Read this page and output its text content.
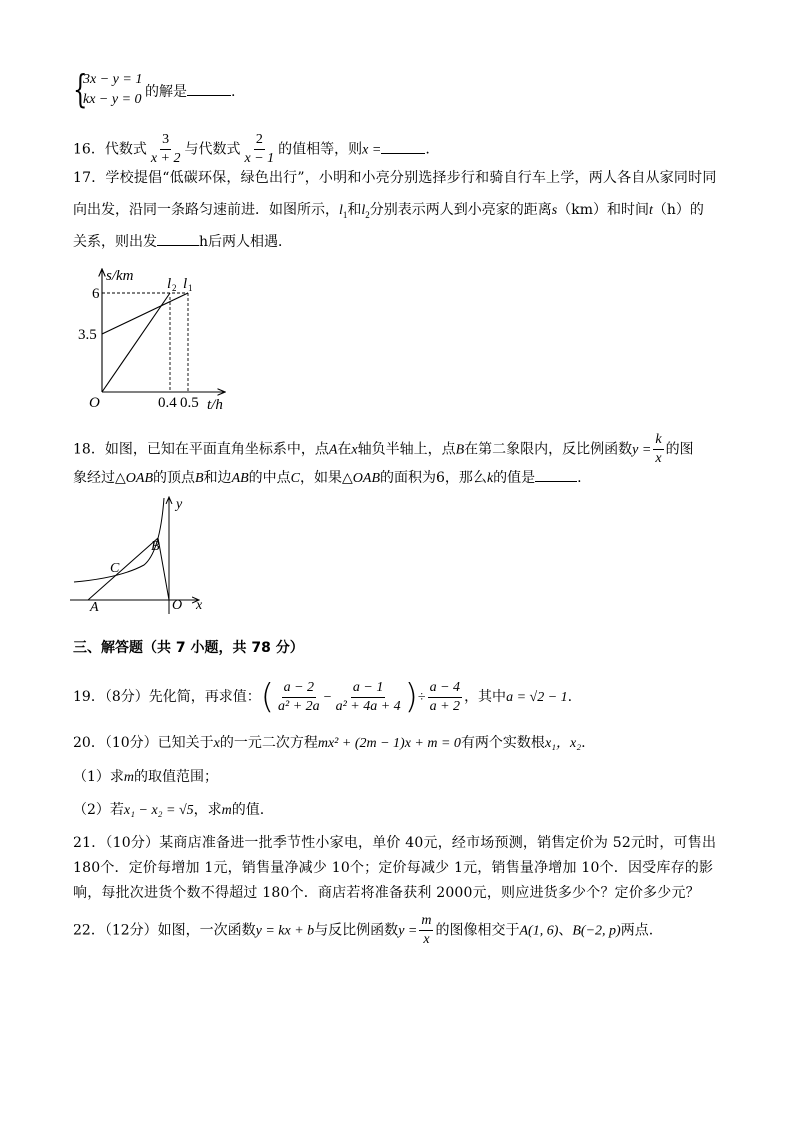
{
3x − y = 1
kx − y = 0 的解是	.
16．代数式 $\frac{3}{x + 2}$ 与代数式 $\frac{2}{x - 1}$ 的值相等，则x =	.
17．学校提倡“低碳环保，绿色出行”，小明和小亮分别选择步行和骑自行车上学，两人各自从家同时同
向出发，沿同一条路匀速前进．如图所示，$l_1$和$l_2$分别表示两人到小亮家的距离s（km）和时间t（h）的
关系，则出发	h后两人相遇．
s/km
6
3.5
O	0.4 0.5 t/h
l 2 l 1
18．如图，已知在平面直角坐标系中，点A在x轴负半轴上，点B在第二象限内，反比例函数$y = \frac{k}{x}$ 的图
象经过△OAB的顶点B和边AB的中点C，如果△OAB的面积为6，那么k的值是	.
y
x
O
A
B
C
三、解答题（共 7 小题，共 78 分）
19．（8分）先化简，再求值：( $\frac{a - 2}{\text{a² + 2a}} - \frac{a - 1}{\text{a² + 4a + 4}}$ )÷ $\frac{a - 4}{a + 2}$ ，其中a = √2 − 1.
20．（10分）已知关于x的一元二次方程mx² + (2m − 1)x + m = 0有两个实数根x₁，x₂.
（1）求m的取值范围；
（2）若x₁ − x₂ = √5，求m的值.
21．（10分）某商店准备进一批季节性小家电，单价 40元，经市场预测，销售定价为 52元时，可售出
180个．定价每增加 1元，销售量净减少 10个；定价每减少 1元，销售量净增加 10个．因受库存的影
响，每批次进货个数不得超过 180个．商店若将准备获利 2000元，则应进货多少个？定价多少元？
22．（12分）如图，一次函数y = kx + b与反比例函数$y = \frac{m}{x}$ 的图像相交于A(1, 6)、B(−2, p)两点.
